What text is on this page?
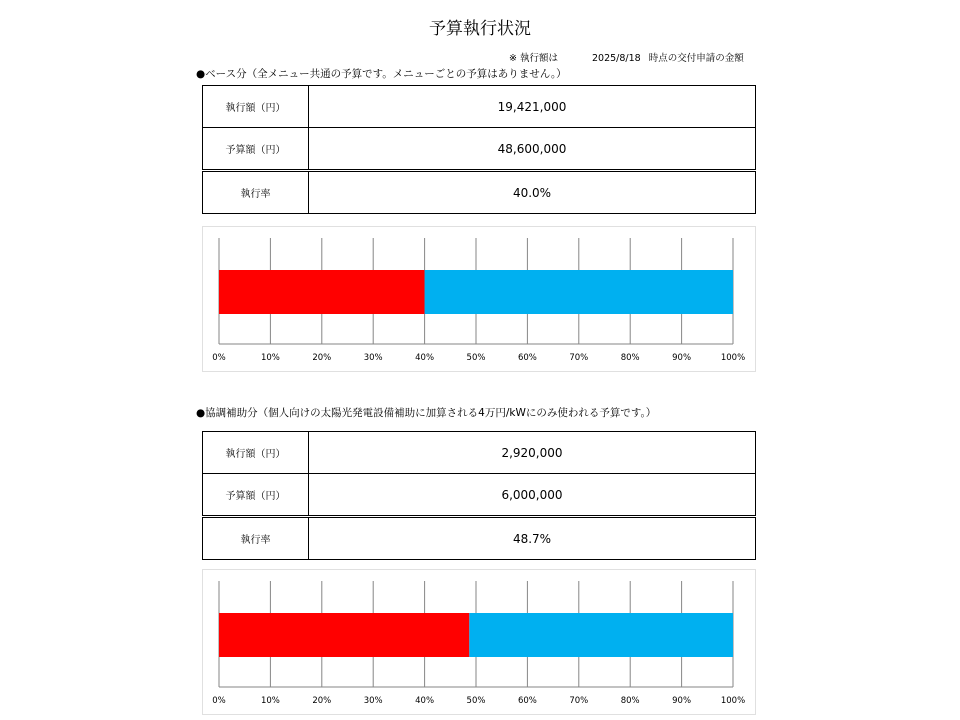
予算執行状況
※ 執行額は	2025/8/18 時点の交付申請の金額
●ベース分（全メニュー共通の予算です。メニューごとの予算はありません。）
執行額（円）	19,421,000
予算額（円）	48,600,000
執行率	40.0%
0%	10%	20%	30%	40%	50%	60%	70%	80%	90%	100%
●協調補助分（個人向けの太陽光発電設備補助に加算される4万円/kWにのみ使われる予算です。）
執行額（円）	2,920,000
予算額（円）	6,000,000
執行率	48.7%
0%	10%	20%	30%	40%	50%	60%	70%	80%	90%	100%
